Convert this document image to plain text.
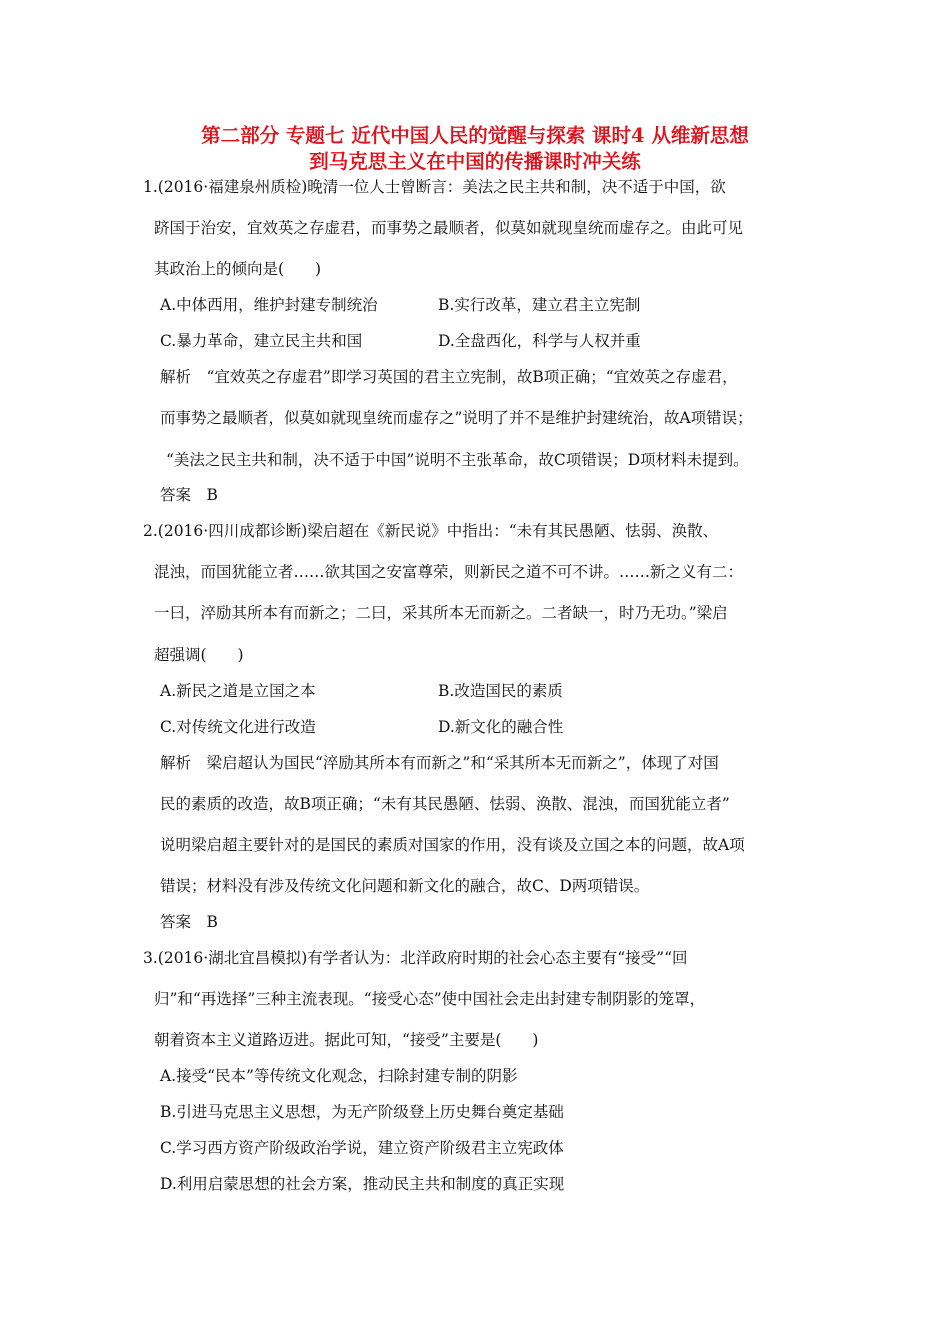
第二部分 专题七 近代中国人民的觉醒与探索 课时4 从维新思想
到马克思主义在中国的传播课时冲关练
1.(2016·福建泉州质检)晚清一位人士曾断言：美法之民主共和制，决不适于中国，欲
跻国于治安，宜效英之存虚君，而事势之最顺者，似莫如就现皇统而虚存之。由此可见
其政治上的倾向是(　　)
A.中体西用，维护封建专制统治	B.实行改革，建立君主立宪制
C.暴力革命，建立民主共和国	D.全盘西化，科学与人权并重
解析　“宜效英之存虚君”即学习英国的君主立宪制，故B项正确；“宜效英之存虚君，
而事势之最顺者，似莫如就现皇统而虚存之”说明了并不是维护封建统治，故A项错误；
“美法之民主共和制，决不适于中国”说明不主张革命，故C项错误；D项材料未提到。
答案　B
2.(2016·四川成都诊断)梁启超在《新民说》中指出：“未有其民愚陋、怯弱、涣散、
混浊，而国犹能立者……欲其国之安富尊荣，则新民之道不可不讲。……新之义有二：
一曰，淬励其所本有而新之；二曰，采其所本无而新之。二者缺一，时乃无功。”梁启
超强调(　　)
A.新民之道是立国之本	B.改造国民的素质
C.对传统文化进行改造	D.新文化的融合性
解析　梁启超认为国民“淬励其所本有而新之”和“采其所本无而新之”，体现了对国
民的素质的改造，故B项正确；“未有其民愚陋、怯弱、涣散、混浊，而国犹能立者”
说明梁启超主要针对的是国民的素质对国家的作用，没有谈及立国之本的问题，故A项
错误；材料没有涉及传统文化问题和新文化的融合，故C、D两项错误。
答案　B
3.(2016·湖北宜昌模拟)有学者认为：北洋政府时期的社会心态主要有“接受”“回
归”和“再选择”三种主流表现。“接受心态”使中国社会走出封建专制阴影的笼罩，
朝着资本主义道路迈进。据此可知，“接受”主要是(　　)
A.接受“民本”等传统文化观念，扫除封建专制的阴影
B.引进马克思主义思想，为无产阶级登上历史舞台奠定基础
C.学习西方资产阶级政治学说，建立资产阶级君主立宪政体
D.利用启蒙思想的社会方案，推动民主共和制度的真正实现
